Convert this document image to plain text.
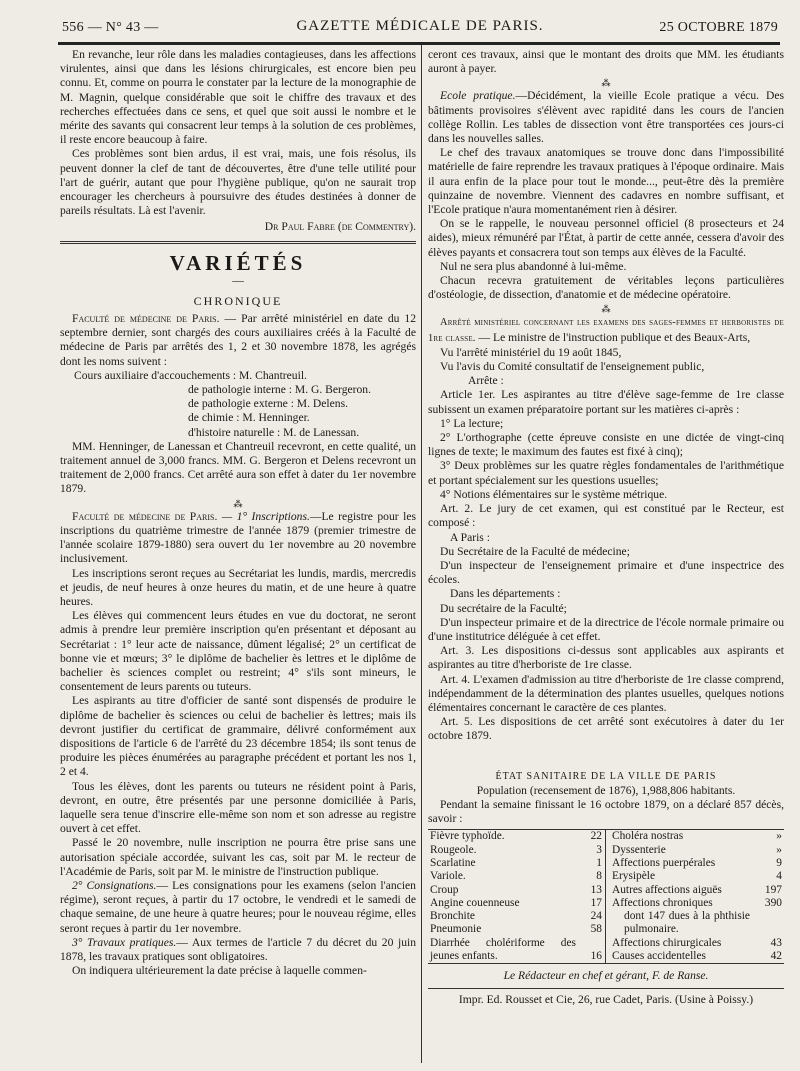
556 — N° 43 —	GAZETTE MÉDICALE DE PARIS.	25 OCTOBRE 1879

En revanche, leur rôle dans les maladies contagieuses, dans les affections virulentes, ainsi que dans les lésions chirurgicales, est encore bien peu connu. Et, comme on pourra le constater par la lecture de la monographie de M. Magnin, quelque considérable que soit le chiffre des travaux et des recherches effectuées dans ce sens, et quel que soit aussi le nombre et le mérite des savants qui consacrent leur temps à la solution de ces problèmes, il reste encore beaucoup à faire.

Ces problèmes sont bien ardus, il est vrai, mais, une fois résolus, ils peuvent donner la clef de tant de découvertes, être d'une telle utilité pour l'art de guérir, autant que pour l'hygiène publique, qu'on ne saurait trop encourager les chercheurs à poursuivre des études destinées à donner de pareils résultats. Là est l'avenir.

Dr Paul Fabre (de Commentry).

VARIÉTÉS
—
CHRONIQUE

Faculté de médecine de Paris. — Par arrêté ministériel en date du 12 septembre dernier, sont chargés des cours auxiliaires créés à la Faculté de médecine de Paris par arrêtés des 1, 2 et 30 novembre 1878, les agrégés dont les noms suivent :

Cours auxiliaire d'accouchements : M. Chantreuil.
de pathologie interne : M. G. Bergeron.
de pathologie externe : M. Delens.
de chimie : M. Henninger.
d'histoire naturelle : M. de Lanessan.

MM. Henninger, de Lanessan et Chantreuil recevront, en cette qualité, un traitement annuel de 3,000 francs. MM. G. Bergeron et Delens recevront un traitement de 2,000 francs. Cet arrêté aura son effet à dater du 1er novembre 1879.

⁂

Faculté de médecine de Paris. — 1° Inscriptions.—Le registre pour les inscriptions du quatrième trimestre de l'année 1879 (premier trimestre de l'année scolaire 1879-1880) sera ouvert du 1er novembre au 20 novembre inclusivement.

Les inscriptions seront reçues au Secrétariat les lundis, mardis, mercredis et jeudis, de neuf heures à onze heures du matin, et de une heure à quatre heures.

Les élèves qui commencent leurs études en vue du doctorat, ne seront admis à prendre leur première inscription qu'en présentant et déposant au Secrétariat : 1° leur acte de naissance, dûment légalisé; 2° un certificat de bonne vie et mœurs; 3° le diplôme de bachelier ès lettres et le diplôme de bachelier ès sciences complet ou restreint; 4° s'ils sont mineurs, le consentement de leurs parents ou tuteurs.

Les aspirants au titre d'officier de santé sont dispensés de produire le diplôme de bachelier ès sciences ou celui de bachelier ès lettres; mais ils devront justifier du certificat de grammaire, délivré conformément aux dispositions de l'article 6 de l'arrêté du 23 décembre 1854; ils sont tenus de produire les pièces énumérées au paragraphe précédent et portant les nos 1, 2 et 4.

Tous les élèves, dont les parents ou tuteurs ne résident point à Paris, devront, en outre, être présentés par une personne domiciliée à Paris, laquelle sera tenue d'inscrire elle-même son nom et son adresse au registre ouvert à cet effet.

Passé le 20 novembre, nulle inscription ne pourra être prise sans une autorisation spéciale accordée, suivant les cas, soit par M. le recteur de l'Académie de Paris, soit par M. le ministre de l'instruction publique.

2° Consignations.— Les consignations pour les examens (selon l'ancien régime), seront reçues, à partir du 17 octobre, le vendredi et le samedi de chaque semaine, de une heure à quatre heures; pour le nouveau régime, elles seront reçues à partir du 1er novembre.

3° Travaux pratiques.— Aux termes de l'article 7 du décret du 20 juin 1878, les travaux pratiques sont obligatoires.

On indiquera ultérieurement la date précise à laquelle commen-

ceront ces travaux, ainsi que le montant des droits que MM. les étudiants auront à payer.

⁂

Ecole pratique.—Décidément, la vieille Ecole pratique a vécu. Des bâtiments provisoires s'élèvent avec rapidité dans les cours de l'ancien collège Rollin. Les tables de dissection vont être transportées ces jours-ci dans les nouvelles salles.

Le chef des travaux anatomiques se trouve donc dans l'impossibilité matérielle de faire reprendre les travaux pratiques à l'époque ordinaire. Mais il aura enfin de la place pour tout le monde..., peut-être dès la première quinzaine de novembre. Viennent des cadavres en nombre suffisant, et l'Ecole pratique n'aura momentanément rien à désirer.

On se le rappelle, le nouveau personnel officiel (8 prosecteurs et 24 aides), mieux rémunéré par l'État, à partir de cette année, cessera d'avoir des élèves payants et consacrera tout son temps aux élèves de la Faculté.

Nul ne sera plus abandonné à lui-même.

Chacun recevra gratuitement de véritables leçons particulières d'ostéologie, de dissection, d'anatomie et de médecine opératoire.

⁂

Arrêté ministériel concernant les examens des sages-femmes et herboristes de 1re classe. — Le ministre de l'instruction publique et des Beaux-Arts,

Vu l'arrêté ministériel du 19 août 1845,

Vu l'avis du Comité consultatif de l'enseignement public,

Arrête :

Article 1er. Les aspirantes au titre d'élève sage-femme de 1re classe subissent un examen préparatoire portant sur les matières ci-après :

1° La lecture;

2° L'orthographe (cette épreuve consiste en une dictée de vingt-cinq lignes de texte; le maximum des fautes est fixé à cinq);

3° Deux problèmes sur les quatre règles fondamentales de l'arithmétique et portant spécialement sur les questions usuelles;

4° Notions élémentaires sur le système métrique.

Art. 2. Le jury de cet examen, qui est constitué par le Recteur, est composé :

A Paris :

Du Secrétaire de la Faculté de médecine;

D'un inspecteur de l'enseignement primaire et d'une inspectrice des écoles.

Dans les départements :

Du secrétaire de la Faculté;

D'un inspecteur primaire et de la directrice de l'école normale primaire ou d'une institutrice déléguée à cet effet.

Art. 3. Les dispositions ci-dessus sont applicables aux aspirants et aspirantes au titre d'herboriste de 1re classe.

Art. 4. L'examen d'admission au titre d'herboriste de 1re classe comprend, indépendamment de la détermination des plantes usuelles, quelques notions élémentaires concernant le caractère de ces plantes.

Art. 5. Les dispositions de cet arrêté sont exécutoires à dater du 1er octobre 1879.

ÉTAT SANITAIRE DE LA VILLE DE PARIS

Population (recensement de 1876), 1,988,806 habitants.

Pendant la semaine finissant le 16 octobre 1879, on a déclaré 857 décès, savoir :

Fièvre typhoïde.	22
Rougeole.	3
Scarlatine	1
Variole.	8
Croup	13
Angine couenneuse	17
Bronchite	24
Pneumonie	58
Diarrhée cholériforme des jeunes enfants.	16

Choléra nostras	»
Dyssenterie	»
Affections puerpérales	9
Erysipèle	4
Autres affections aiguës	197
Affections chroniques	390
dont 147 dues à la phthisie pulmonaire.	
Affections chirurgicales	43
Causes accidentelles	42
Le Rédacteur en chef et gérant, F. de Ranse.
Impr. Ed. Rousset et Cie, 26, rue Cadet, Paris. (Usine à Poissy.)
